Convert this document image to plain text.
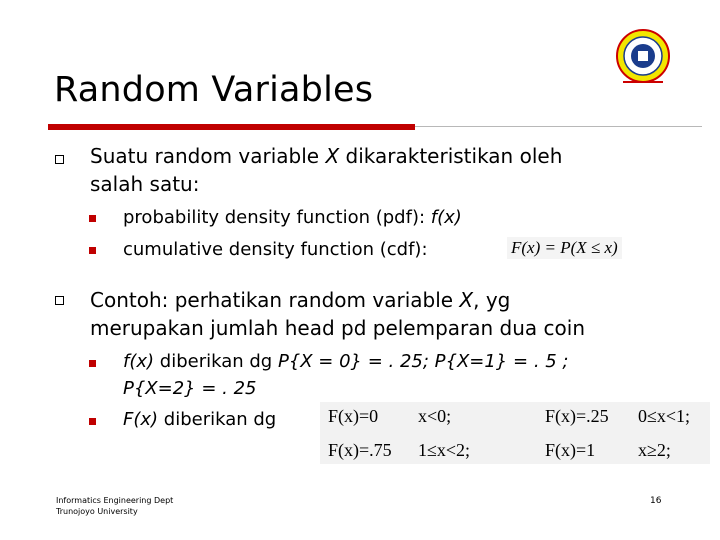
Random Variables
Suatu random variable X dikarakteristikan oleh
salah satu:
probability density function (pdf): f(x)
cumulative density function (cdf):	F(x) = P(X ≤ x)
Contoh: perhatikan random variable X, yg
merupakan jumlah head pd pelemparan dua coin
f(x) diberikan dg P{X = 0} = . 25; P{X=1} = . 5 ;
P{X=2} = . 25
F(x) diberikan dg	F(x)=0 x<0;	F(x)=.25 0≤x<1;
F(x)=.75 1≤x<2;	F(x)=1 x≥2;
Informatics Engineering Dept
Trunojoyo University
16
